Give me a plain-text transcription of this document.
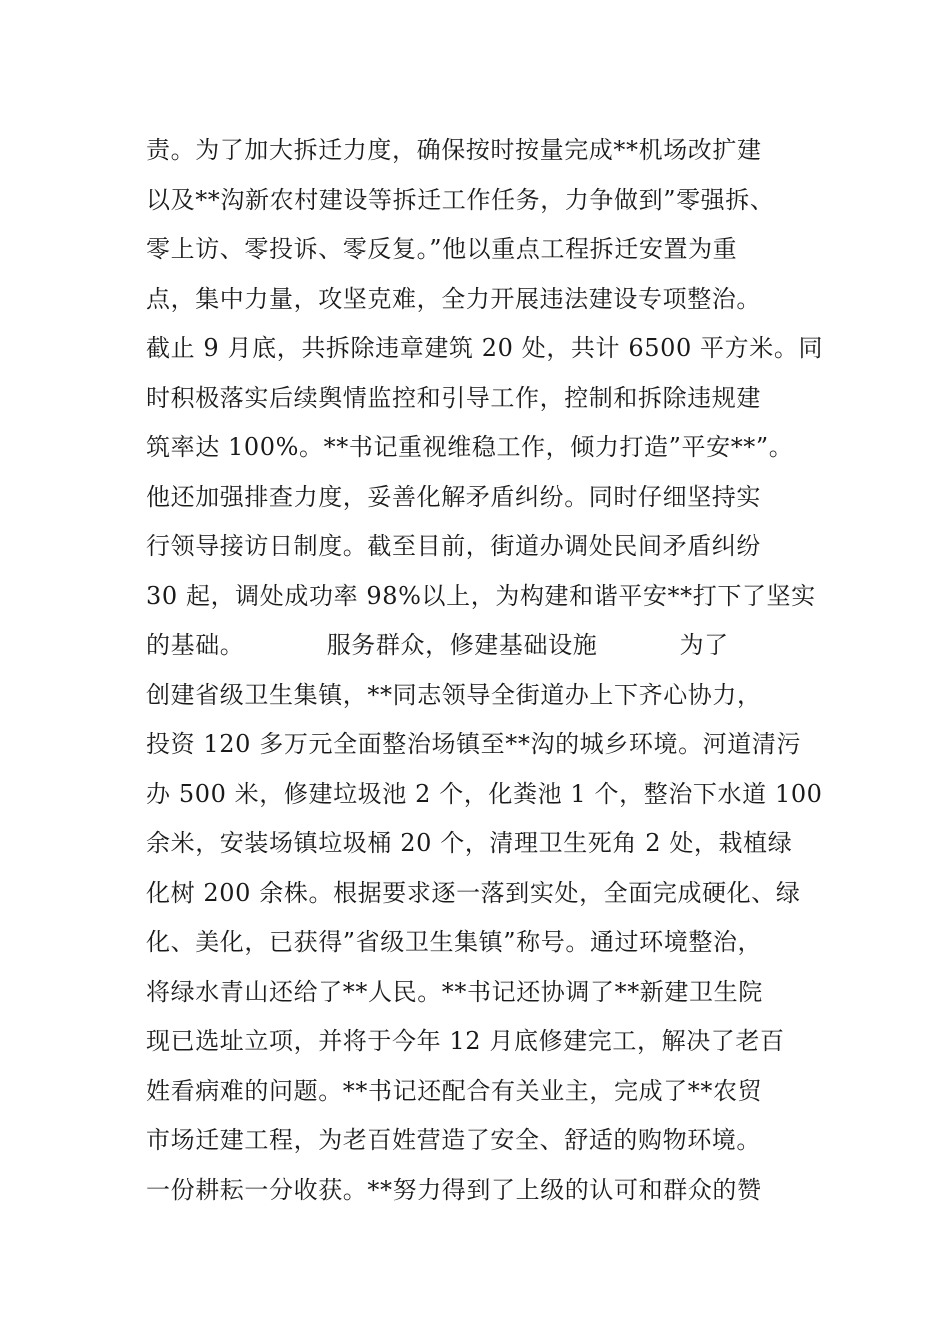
责。为了加大拆迁力度，确保按时按量完成**机场改扩建
以及**沟新农村建设等拆迁工作任务，力争做到”零强拆、
零上访、零投诉、零反复。”他以重点工程拆迁安置为重
点，集中力量，攻坚克难，全力开展违法建设专项整治。
截止 9 月底，共拆除违章建筑 20 处，共计 6500 平方米。同
时积极落实后续舆情监控和引导工作，控制和拆除违规建
筑率达 100%。**书记重视维稳工作，倾力打造”平安**”。
他还加强排查力度，妥善化解矛盾纠纷。同时仔细坚持实
行领导接访日制度。截至目前，街道办调处民间矛盾纠纷
30 起，调处成功率 98%以上，为构建和谐平安**打下了坚实
的基础。          服务群众，修建基础设施          为了
创建省级卫生集镇，**同志领导全街道办上下齐心协力，
投资 120 多万元全面整治场镇至**沟的城乡环境。河道清污
办 500 米，修建垃圾池 2 个，化粪池 1 个，整治下水道 100
余米，安装场镇垃圾桶 20 个，清理卫生死角 2 处，栽植绿
化树 200 余株。根据要求逐一落到实处，全面完成硬化、绿
化、美化，已获得”省级卫生集镇”称号。通过环境整治，
将绿水青山还给了**人民。**书记还协调了**新建卫生院
现已选址立项，并将于今年 12 月底修建完工，解决了老百
姓看病难的问题。**书记还配合有关业主，完成了**农贸
市场迁建工程，为老百姓营造了安全、舒适的购物环境。
一份耕耘一分收获。**努力得到了上级的认可和群众的赞
